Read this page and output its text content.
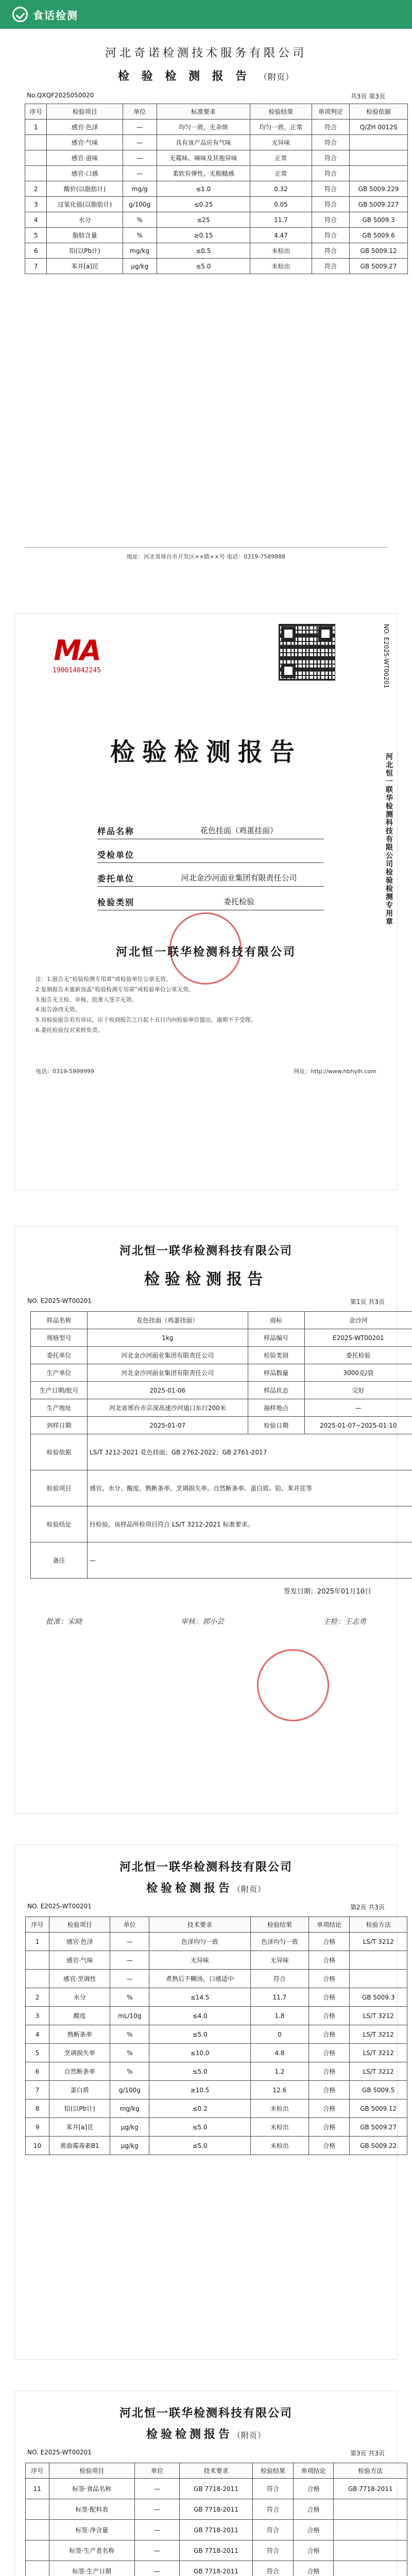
食话检测
河北奇诺检测技术服务有限公司
检 验 检 测 报 告 （附页）
No.QXQF2025050020	共3页 第3页
序号	检验项目	单位	标准要求	检验结果	单项判定	检验依据
1	感官·色泽	—	均匀一致，无杂斑	均匀一致，正常	符合	Q/ZH 0012S
	感官·气味	—	具有该产品应有气味	无异味	符合	
	感官·滋味	—	无霉味、辣味及其他异味	正常	符合	
	感官·口感	—	柔软有弹性，无粗糙感	正常	符合	
2	酸价(以脂肪计)	mg/g	≤1.0	0.32	符合	GB 5009.229
3	过氧化值(以脂肪计)	g/100g	≤0.25	0.05	符合	GB 5009.227
4	水分	%	≤25	11.7	符合	GB 5009.3
5	脂肪含量	%	≥0.15	4.47	符合	GB 5009.6
6	铅(以Pb计)	mg/kg	≤0.5	未检出	符合	GB 5009.12
7	苯并[a]芘	μg/kg	≤5.0	未检出	符合	GB 5009.27
地址：河北省邢台市开发区××路××号 电话：0319-7589888
MA
190014042245	NO. E2025-WT00201
检验检测报告
样品名称	花色挂面（鸡蛋挂面）
受检单位
委托单位	河北金沙河面业集团有限责任公司
检验类别	委托检验	河北恒一联华检测科技有限公司检验检测专用章
河北恒一联华检测科技有限公司
注：1.报告无“检验检测专用章”或检验单位公章无效。
2.复制报告未重新加盖“检验检测专用章”或检验单位公章无效。
3.报告无主检、审核、批准人签字无效。
4.报告涂改无效。
5.对检验报告若有异议，应于收到报告之日起十五日内向检验单位提出，逾期不予受理。
6.委托检验仅对来样负责。
电话：0319-5999999	网址：http://www.hbhylh.com
河北恒一联华检测科技有限公司
检验检测报告
NO. E2025-WT00201	第1页 共3页
样品名称	花色挂面（鸡蛋挂面）	商标	金沙河
规格型号	1kg	样品编号	E2025-WT00201
委托单位	河北金沙河面业集团有限责任公司	检验类别	委托检验
生产单位	河北金沙河面业集团有限责任公司	样品数量	3000克/袋
生产日期/批号	2025-01-06	样品状态	完好
生产地址	河北省邢台市京深高速沙河道口东行200米	抽样地点	—
到样日期	2025-01-07	检验日期	2025-01-07~2025-01-10
检验依据	LS/T 3212-2021 花色挂面；GB 2762-2022；GB 2761-2017		
检验项目	感官、水分、酸度、熟断条率、烹调损失率、自然断条率、蛋白质、铅、苯并芘等		
检验结论	经检验，该样品所检项目符合 LS/T 3212-2021 标准要求。		
备注	—		
签发日期：2025年01月10日
批准：宋晓	审核：郭小芸	主检：王志勇
河北恒一联华检测科技有限公司
检验检测报告（附页）
NO. E2025-WT00201	第2页 共3页
序号	检验项目	单位	技术要求	检验结果	单项结论	检验方法
1	感官·色泽	—	色泽均匀一致	色泽均匀一致	合格	LS/T 3212
	感官·气味	—	无异味	无异味	合格	
	感官·烹调性	—	煮熟后不糊汤，口感适中	符合	合格	
2	水分	%	≤14.5	11.7	合格	GB 5009.3
3	酸度	mL/10g	≤4.0	1.8	合格	LS/T 3212
4	熟断条率	%	≤5.0	0	合格	LS/T 3212
5	烹调损失率	%	≤10.0	4.8	合格	LS/T 3212
6	自然断条率	%	≤5.0	1.2	合格	LS/T 3212
7	蛋白质	g/100g	≥10.5	12.6	合格	GB 5009.5
8	铅(以Pb计)	mg/kg	≤0.2	未检出	合格	GB 5009.12
9	苯并[a]芘	μg/kg	≤5.0	未检出	合格	GB 5009.27
10	黄曲霉毒素B1	μg/kg	≤5.0	未检出	合格	GB 5009.22
河北恒一联华检测科技有限公司
检验检测报告（附页）
NO. E2025-WT00201	第3页 共3页
序号	检验项目	单位	技术要求	检验结果	单项结论	检验方法
11	标签·食品名称	—	GB 7718-2011	符合	合格	GB 7718-2011
	标签·配料表	—	GB 7718-2011	符合	合格	
	标签·净含量	—	GB 7718-2011	符合	合格	
	标签·生产者名称	—	GB 7718-2011	符合	合格	
	标签·生产日期	—	GB 7718-2011	符合	合格	
